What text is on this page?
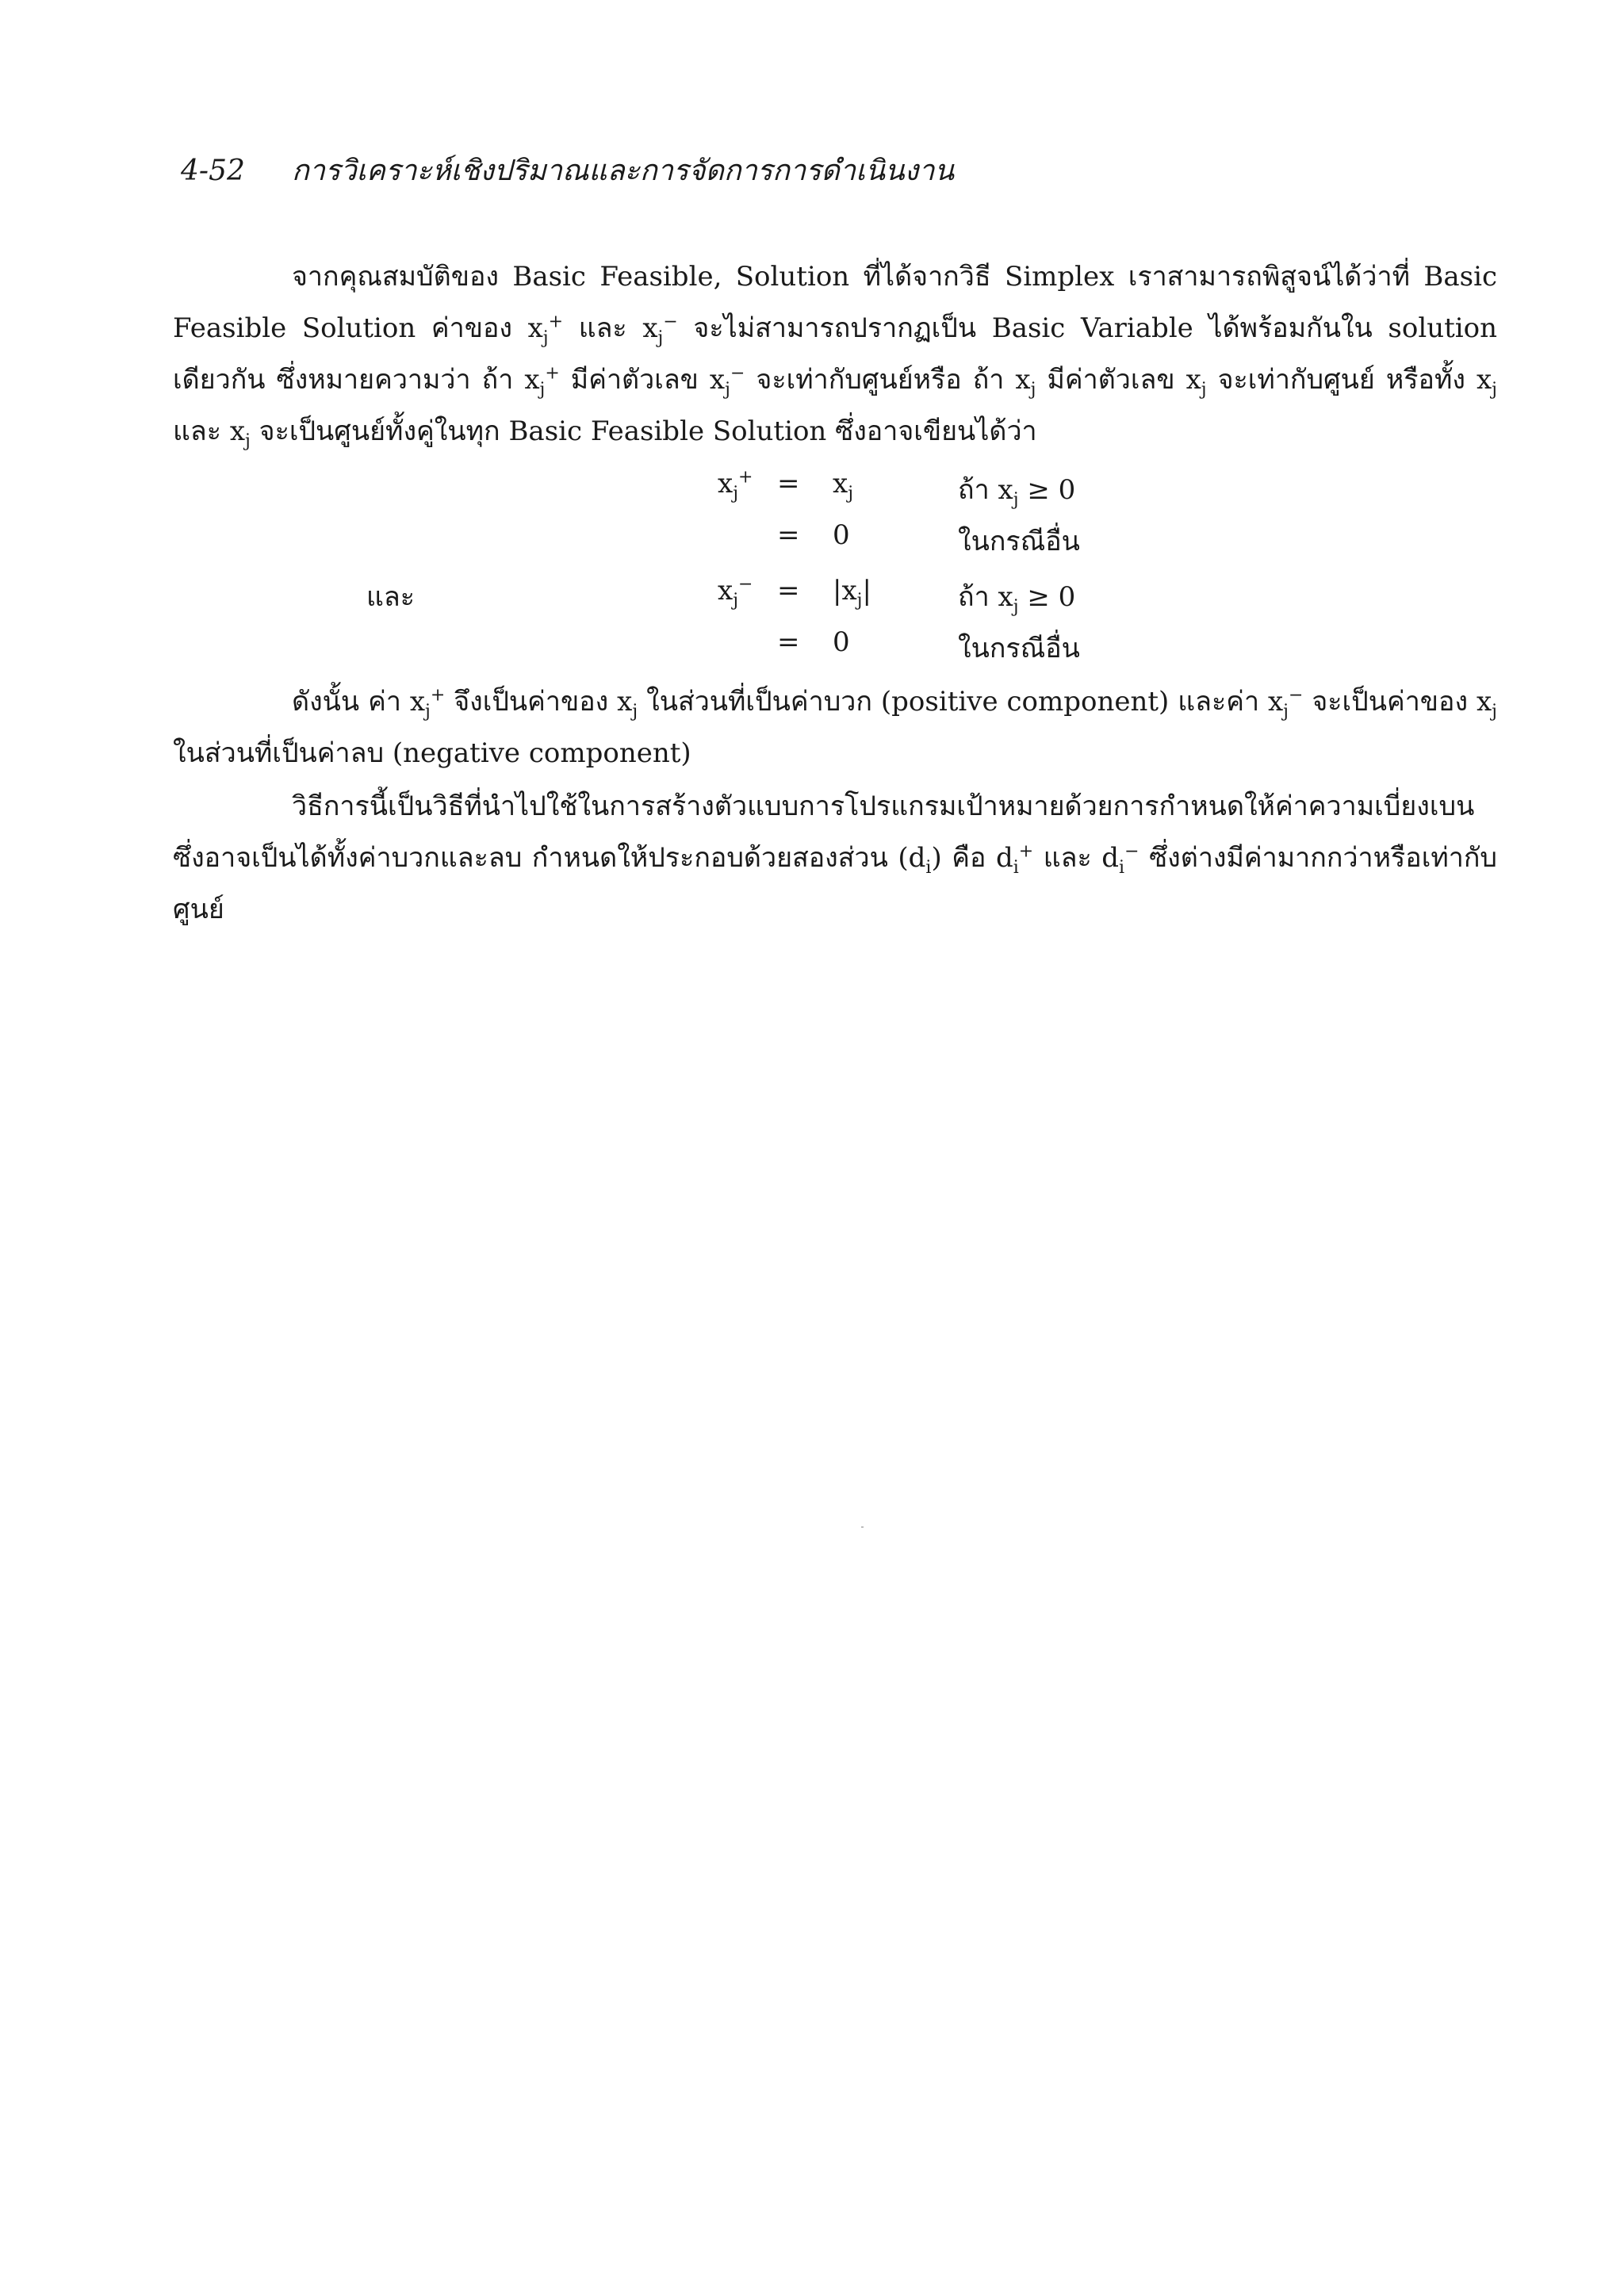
4-52 การวิเคราะห์เชิงปริมาณและการจัดการการดำเนินงาน
จากคุณสมบัติของ Basic Feasible, Solution ที่ได้จากวิธี Simplex เราสามารถพิสูจน์ได้ว่าที่ Basic Feasible Solution ค่าของ $x_j^+$ และ $x_j^-$ จะไม่สามารถปรากฏเป็น Basic Variable ได้พร้อมกันใน solution เดียวกัน ซึ่งหมายความว่า ถ้า $x_j^+$ มีค่าตัวเลข $x_j^-$ จะเท่ากับศูนย์หรือ ถ้า $x_j$ มีค่าตัวเลข $x_j$ จะเท่ากับศูนย์ หรือทั้ง $x_j$ และ $x_j$ จะเป็นศูนย์ทั้งคู่ในทุก Basic Feasible Solution ซึ่งอาจเขียนได้ว่า
$x_j^+ = x_j$	ถ้า $x_j \ge 0$
= 0	ในกรณีอื่น
และ	$x_j^- = |x_j|$	ถ้า $x_j \ge 0$
= 0	ในกรณีอื่น
ดังนั้น ค่า $x_j^+$ จึงเป็นค่าของ $x_j$ ในส่วนที่เป็นค่าบวก (positive component) และค่า $x_j^-$ จะเป็นค่าของ $x_j$ ในส่วนที่เป็นค่าลบ (negative component)
วิธีการนี้เป็นวิธีที่นำไปใช้ในการสร้างตัวแบบการโปรแกรมเป้าหมายด้วยการกำหนดให้ค่าความเบี่ยงเบน ซึ่งอาจเป็นได้ทั้งค่าบวกและลบ กำหนดให้ประกอบด้วยสองส่วน $(d_i)$ คือ $d_i^+$ และ $d_i^-$ ซึ่งต่างมีค่ามากกว่าหรือเท่ากับศูนย์
